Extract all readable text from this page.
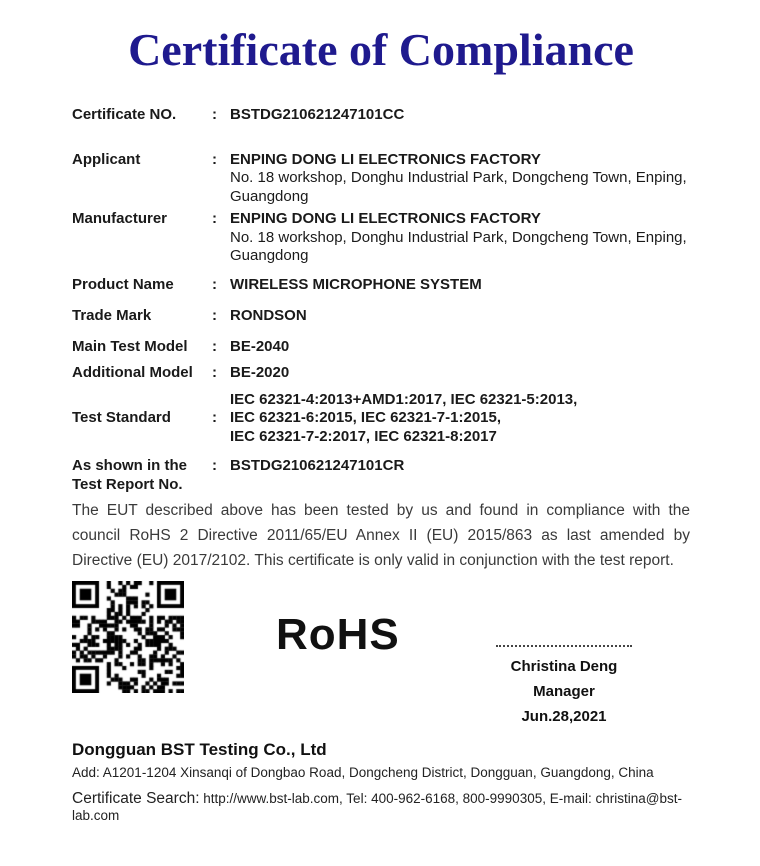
Certificate of Compliance
Certificate NO.	: BSTDG210621247101CC
Applicant	: ENPING DONG LI ELECTRONICS FACTORY
No. 18 workshop, Donghu Industrial Park, Dongcheng Town, Enping,
Guangdong
Manufacturer	: ENPING DONG LI ELECTRONICS FACTORY
No. 18 workshop, Donghu Industrial Park, Dongcheng Town, Enping,
Guangdong
Product Name	: WIRELESS MICROPHONE SYSTEM
Trade Mark	: RONDSON
Main Test Model	: BE-2040
Additional Model	: BE-2020
Test Standard	:
IEC 62321-4:2013+AMD1:2017, IEC 62321-5:2013,
IEC 62321-6:2015, IEC 62321-7-1:2015,
IEC 62321-7-2:2017, IEC 62321-8:2017
As shown in the
Test Report No.
: BSTDG210621247101CR

The EUT described above has been tested by us and found in compliance with the council RoHS 2 Directive 2011/65/EU Annex II (EU) 2015/863 as last amended by Directive (EU) 2017/2102. This certificate is only valid in conjunction with the test report.

RoHS
Christina Deng
Manager
Jun.28,2021
Dongguan BST Testing Co., Ltd
Add: A1201-1204 Xinsanqi of Dongbao Road, Dongcheng District, Dongguan, Guangdong, China
Certificate Search: http://www.bst-lab.com, Tel: 400-962-6168, 800-9990305, E-mail: christina@bst-lab.com
